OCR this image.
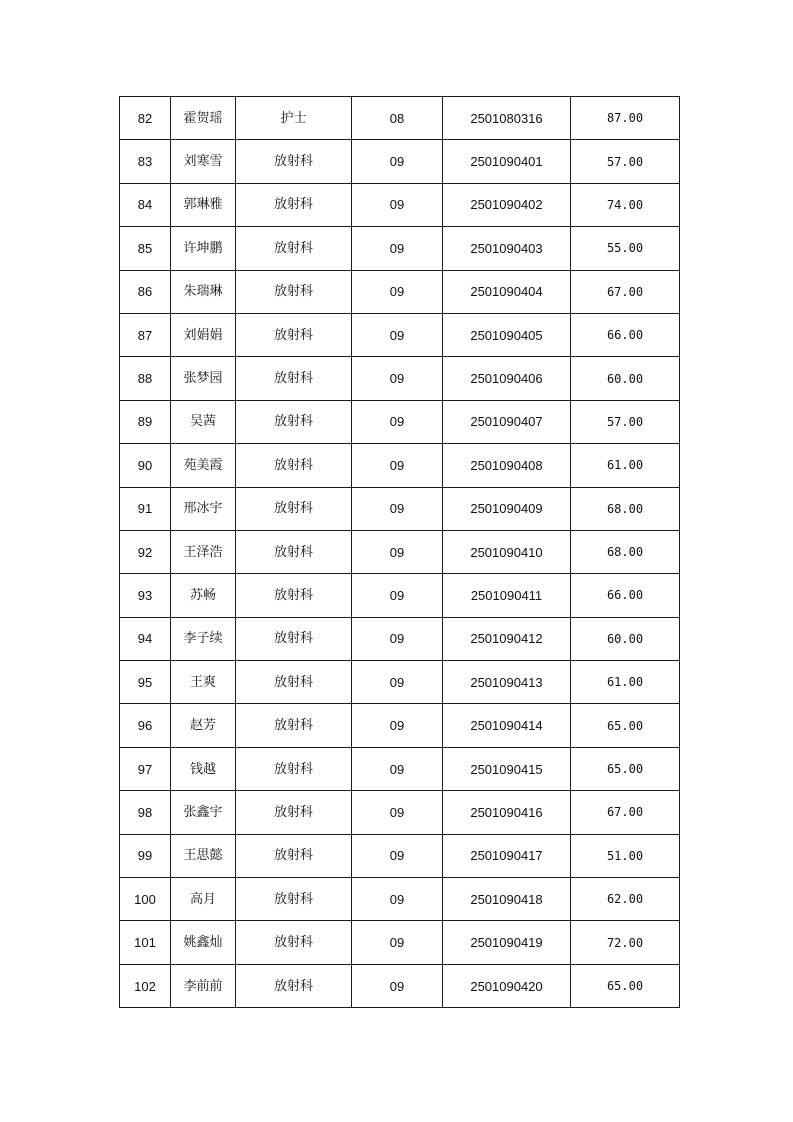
82	霍贺瑶	护士	08	2501080316	87.00
83	刘寒雪	放射科	09	2501090401	57.00
84	郭琳雅	放射科	09	2501090402	74.00
85	许坤鹏	放射科	09	2501090403	55.00
86	朱瑞琳	放射科	09	2501090404	67.00
87	刘娟娟	放射科	09	2501090405	66.00
88	张梦园	放射科	09	2501090406	60.00
89	吴茜	放射科	09	2501090407	57.00
90	苑美霞	放射科	09	2501090408	61.00
91	邢冰宇	放射科	09	2501090409	68.00
92	王泽浩	放射科	09	2501090410	68.00
93	苏畅	放射科	09	2501090411	66.00
94	李子续	放射科	09	2501090412	60.00
95	王爽	放射科	09	2501090413	61.00
96	赵芳	放射科	09	2501090414	65.00
97	钱越	放射科	09	2501090415	65.00
98	张鑫宇	放射科	09	2501090416	67.00
99	王思懿	放射科	09	2501090417	51.00
100	高月	放射科	09	2501090418	62.00
101	姚鑫灿	放射科	09	2501090419	72.00
102	李前前	放射科	09	2501090420	65.00
